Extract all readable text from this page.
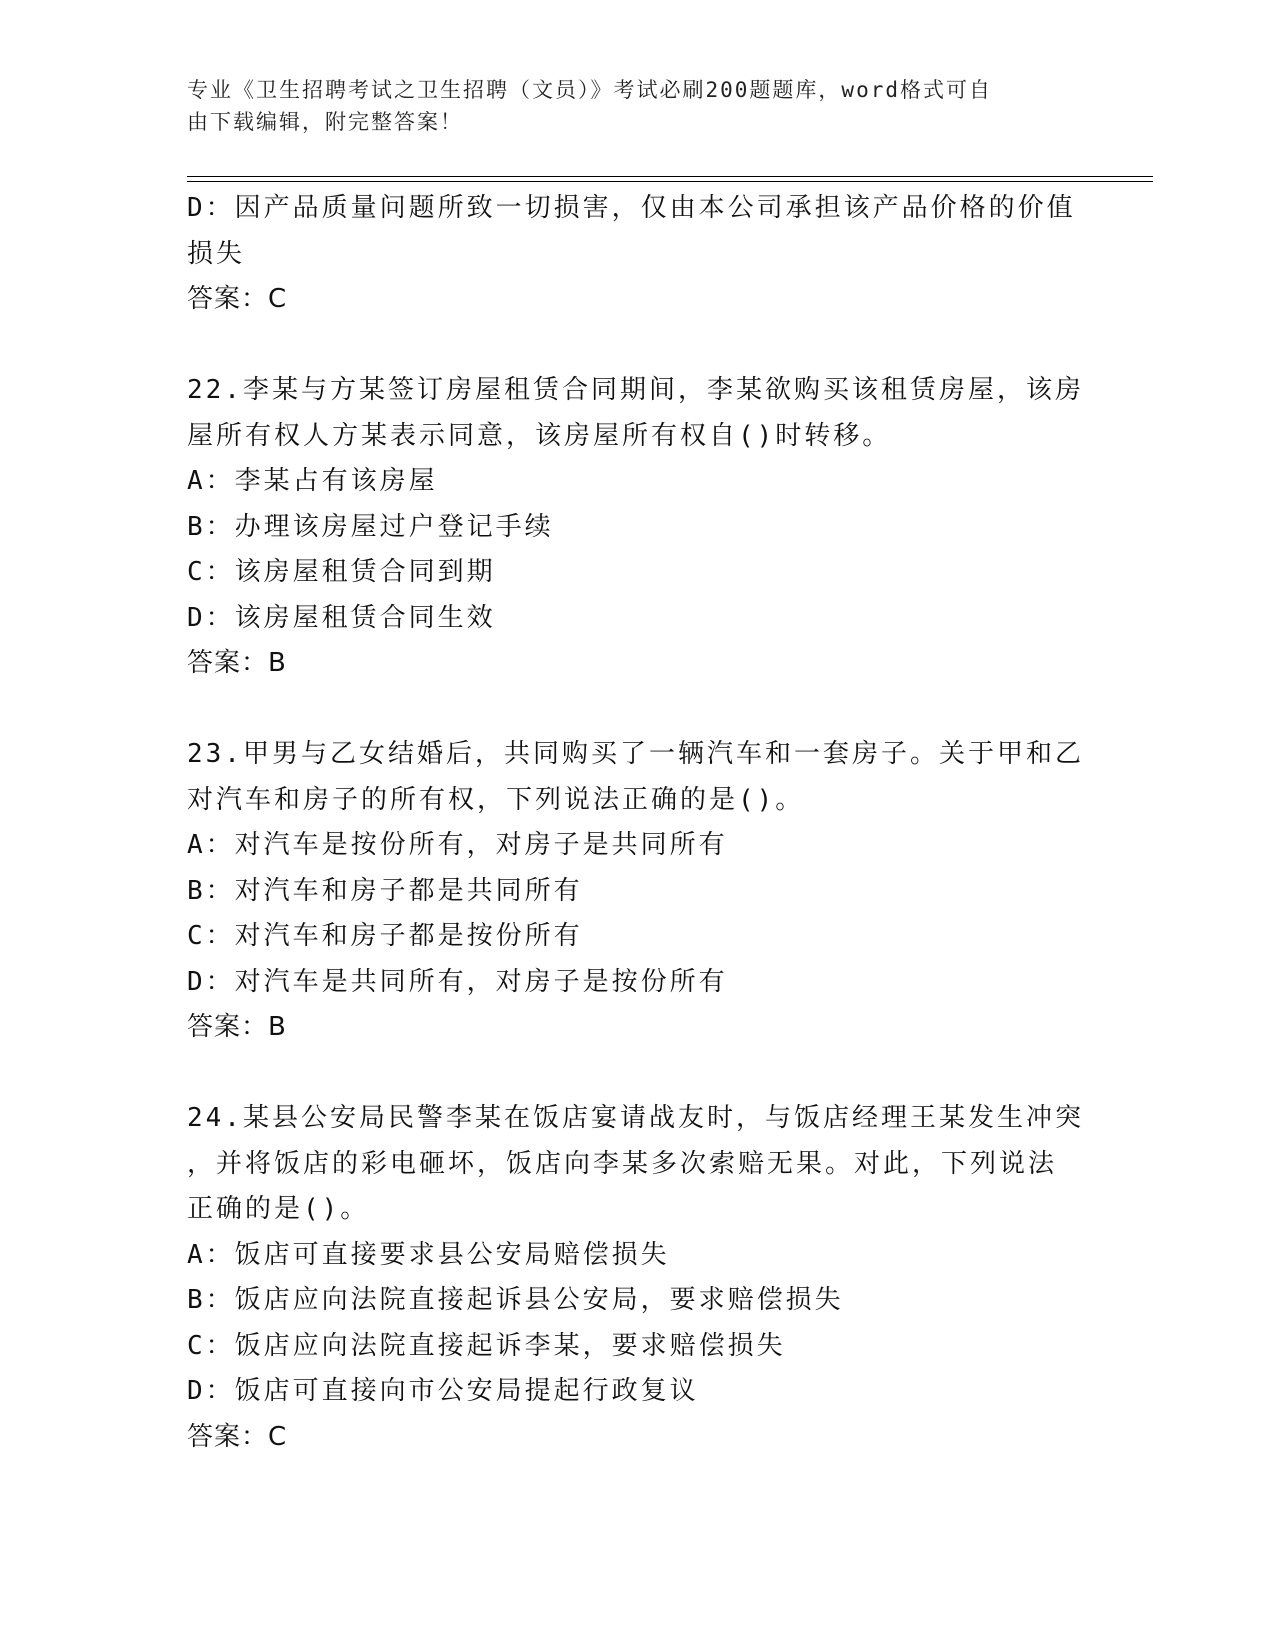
专业《卫生招聘考试之卫生招聘（文员）》考试必刷200题题库，word格式可自
由下载编辑，附完整答案！
D：因产品质量问题所致一切损害，仅由本公司承担该产品价格的价值
损失
答案：C
22.李某与方某签订房屋租赁合同期间，李某欲购买该租赁房屋，该房
屋所有权人方某表示同意，该房屋所有权自()时转移。
A：李某占有该房屋
B：办理该房屋过户登记手续
C：该房屋租赁合同到期
D：该房屋租赁合同生效
答案：B
23.甲男与乙女结婚后，共同购买了一辆汽车和一套房子。关于甲和乙
对汽车和房子的所有权，下列说法正确的是()。
A：对汽车是按份所有，对房子是共同所有
B：对汽车和房子都是共同所有
C：对汽车和房子都是按份所有
D：对汽车是共同所有，对房子是按份所有
答案：B
24.某县公安局民警李某在饭店宴请战友时，与饭店经理王某发生冲突
，并将饭店的彩电砸坏，饭店向李某多次索赔无果。对此，下列说法
正确的是()。
A：饭店可直接要求县公安局赔偿损失
B：饭店应向法院直接起诉县公安局，要求赔偿损失
C：饭店应向法院直接起诉李某，要求赔偿损失
D：饭店可直接向市公安局提起行政复议
答案：C
